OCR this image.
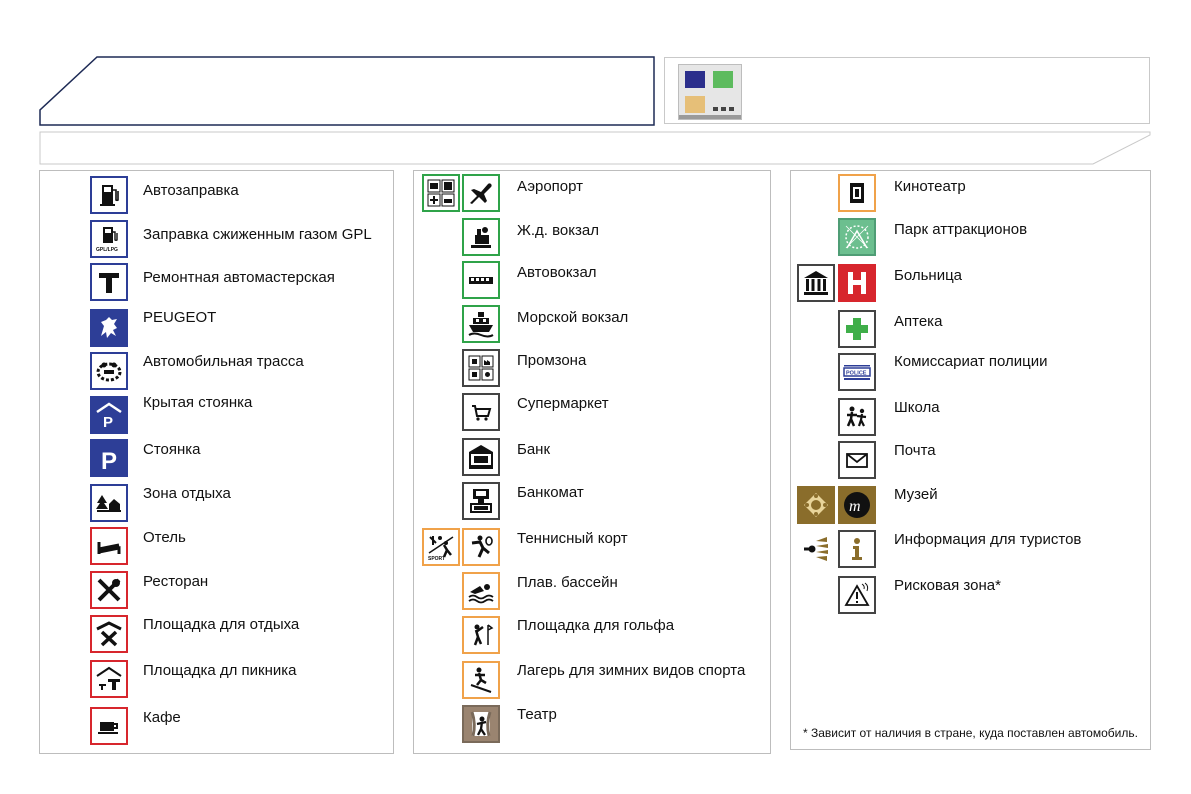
Автозаправка
GPL/LPG
Заправка сжиженным газом GPL
Ремонтная автомастерская
PEUGEOT
Автомобильная трасса
P
Крытая стоянка
P Стоянка
Зона отдыха
Отель
Ресторан
Площадка для отдыха
Площадка дл пикника
Кафе
Аэропорт
Ж.д. вокзал
Автовокзал
Морской вокзал
Промзона
Супермаркет
Банк
Банкомат
SPORT
Теннисный корт
Плав. бассейн
Площадка для гольфа
Лагерь для зимних видов спорта
Театр
Кинотеатр
Парк аттракционов
Больница
Аптека
POLICE
Комиссариат полиции
Школа
Почта
m
Музей
Информация для туристов
Рисковая зона*
* Зависит от наличия в стране, куда поставлен автомобиль.
